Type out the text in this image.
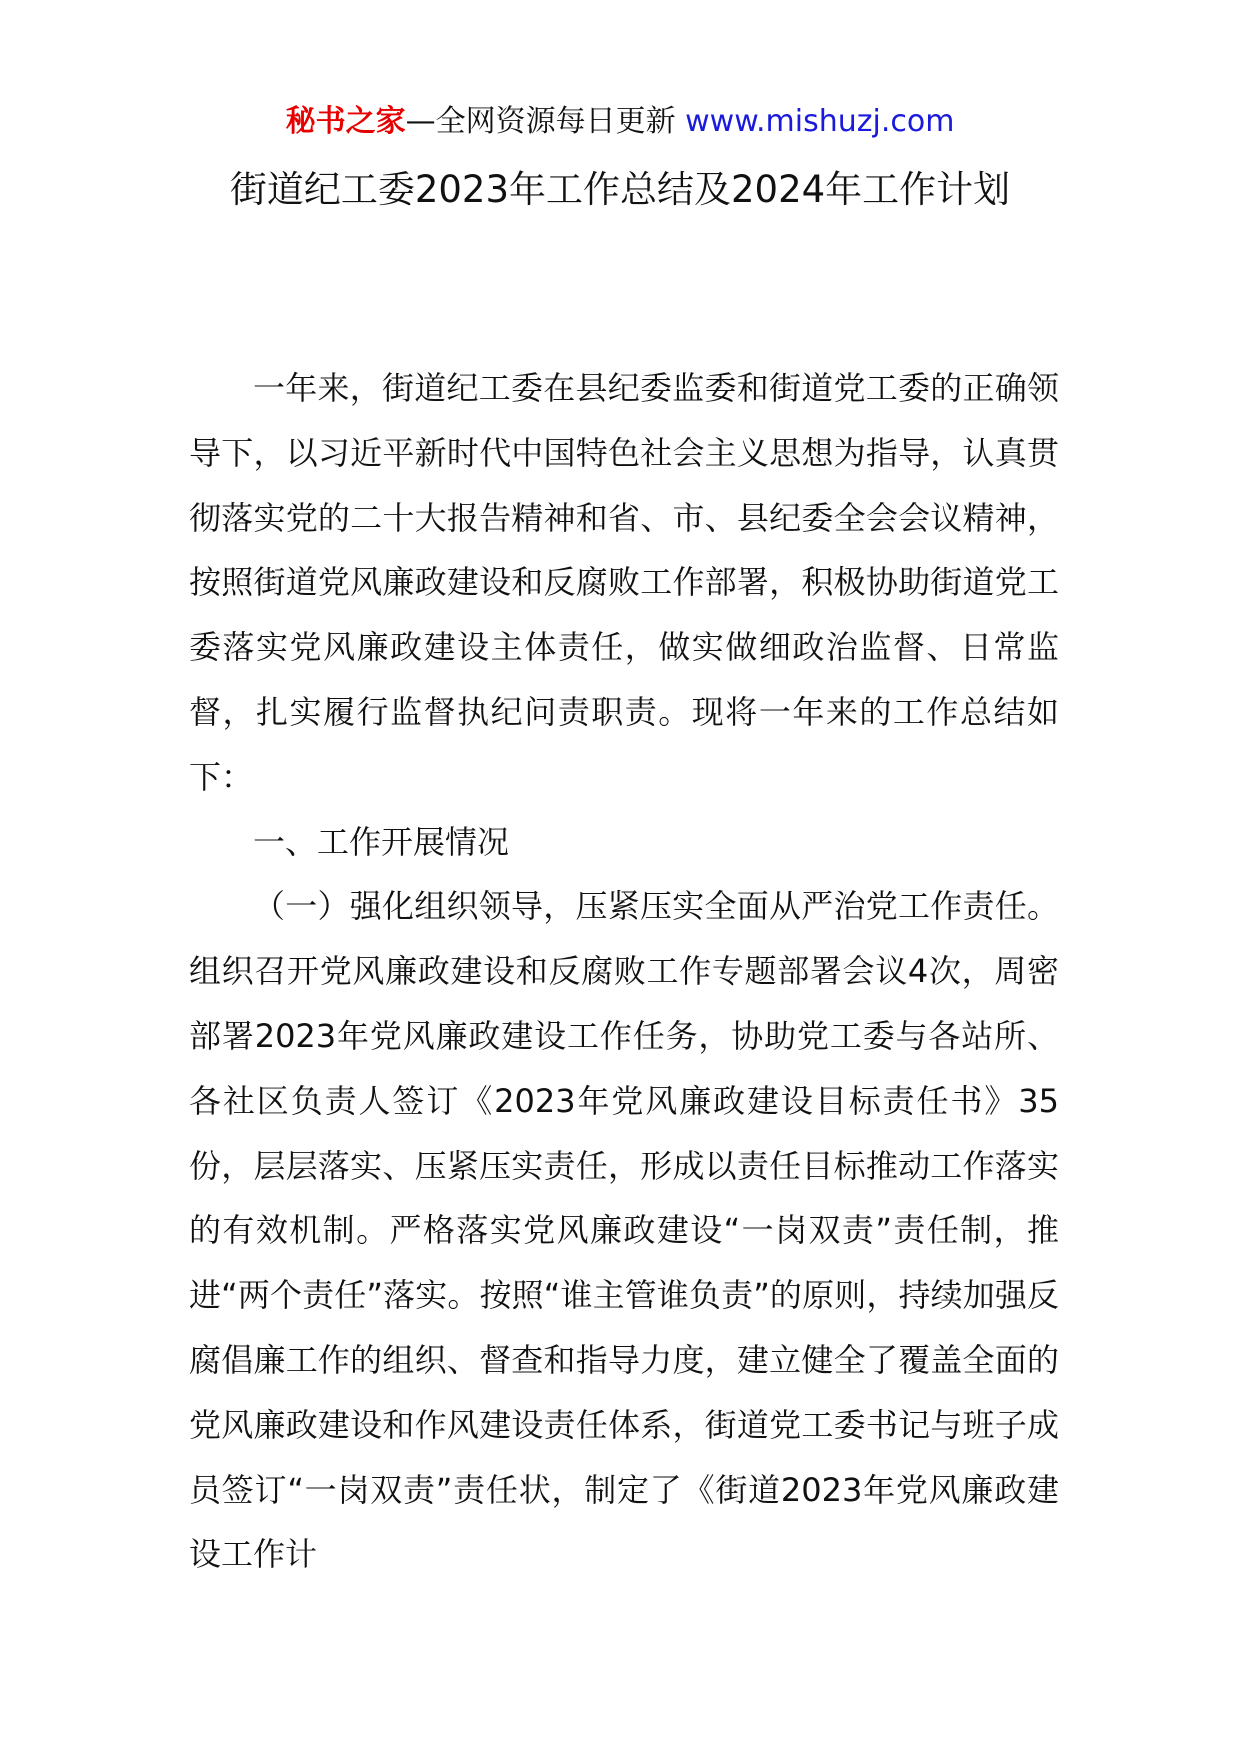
秘书之家—全网资源每日更新 www.mishuzj.com
街道纪工委2023年工作总结及2024年工作计划

一年来，街道纪工委在县纪委监委和街道党工委的正确领导下，以习近平新时代中国特色社会主义思想为指导，认真贯彻落实党的二十大报告精神和省、市、县纪委全会会议精神，按照街道党风廉政建设和反腐败工作部署，积极协助街道党工委落实党风廉政建设主体责任，做实做细政治监督、日常监督，扎实履行监督执纪问责职责。现将一年来的工作总结如下：

一、工作开展情况

（一）强化组织领导，压紧压实全面从严治党工作责任。组织召开党风廉政建设和反腐败工作专题部署会议4次，周密部署2023年党风廉政建设工作任务，协助党工委与各站所、各社区负责人签订《2023年党风廉政建设目标责任书》35份，层层落实、压紧压实责任，形成以责任目标推动工作落实的有效机制。严格落实党风廉政建设“一岗双责”责任制，推进“两个责任”落实。按照“谁主管谁负责”的原则，持续加强反腐倡廉工作的组织、督查和指导力度，建立健全了覆盖全面的党风廉政建设和作风建设责任体系，街道党工委书记与班子成员签订“一岗双责”责任状，制定了《街道2023年党风廉政建设工作计
